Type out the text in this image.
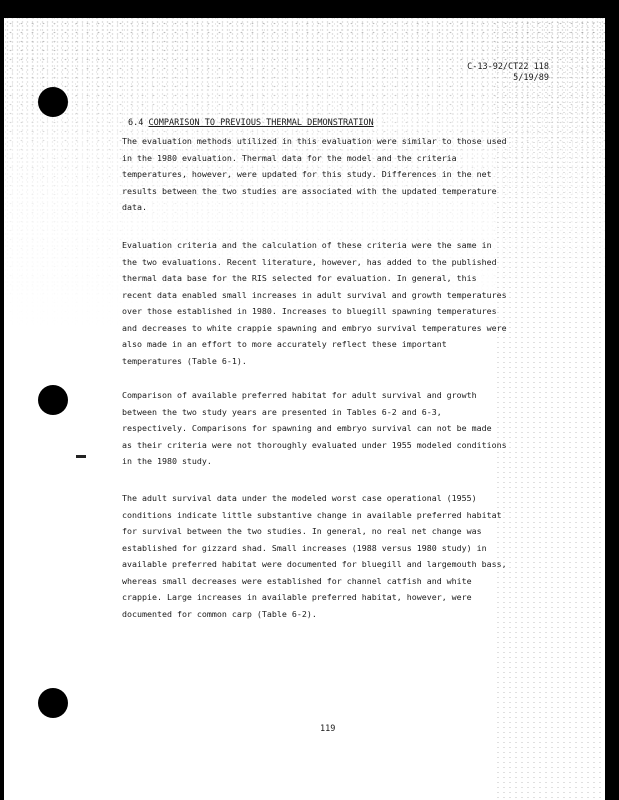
C-13-92/CT22 118
5/19/89
6.4 COMPARISON TO PREVIOUS THERMAL DEMONSTRATION
The evaluation methods utilized in this evaluation were similar to those used
in the 1980 evaluation. Thermal data for the model and the criteria
temperatures, however, were updated for this study. Differences in the net
results between the two studies are associated with the updated temperature
data.
Evaluation criteria and the calculation of these criteria were the same in
the two evaluations. Recent literature, however, has added to the published
thermal data base for the RIS selected for evaluation. In general, this
recent data enabled small increases in adult survival and growth temperatures
over those established in 1980. Increases to bluegill spawning temperatures
and decreases to white crappie spawning and embryo survival temperatures were
also made in an effort to more accurately reflect these important
temperatures (Table 6-1).
Comparison of available preferred habitat for adult survival and growth
between the two study years are presented in Tables 6-2 and 6-3,
respectively. Comparisons for spawning and embryo survival can not be made
as their criteria were not thoroughly evaluated under 1955 modeled conditions
in the 1980 study.
The adult survival data under the modeled worst case operational (1955)
conditions indicate little substantive change in available preferred habitat
for survival between the two studies. In general, no real net change was
established for gizzard shad. Small increases (1988 versus 1980 study) in
available preferred habitat were documented for bluegill and largemouth bass,
whereas small decreases were established for channel catfish and white
crappie. Large increases in available preferred habitat, however, were
documented for common carp (Table 6-2).
119
